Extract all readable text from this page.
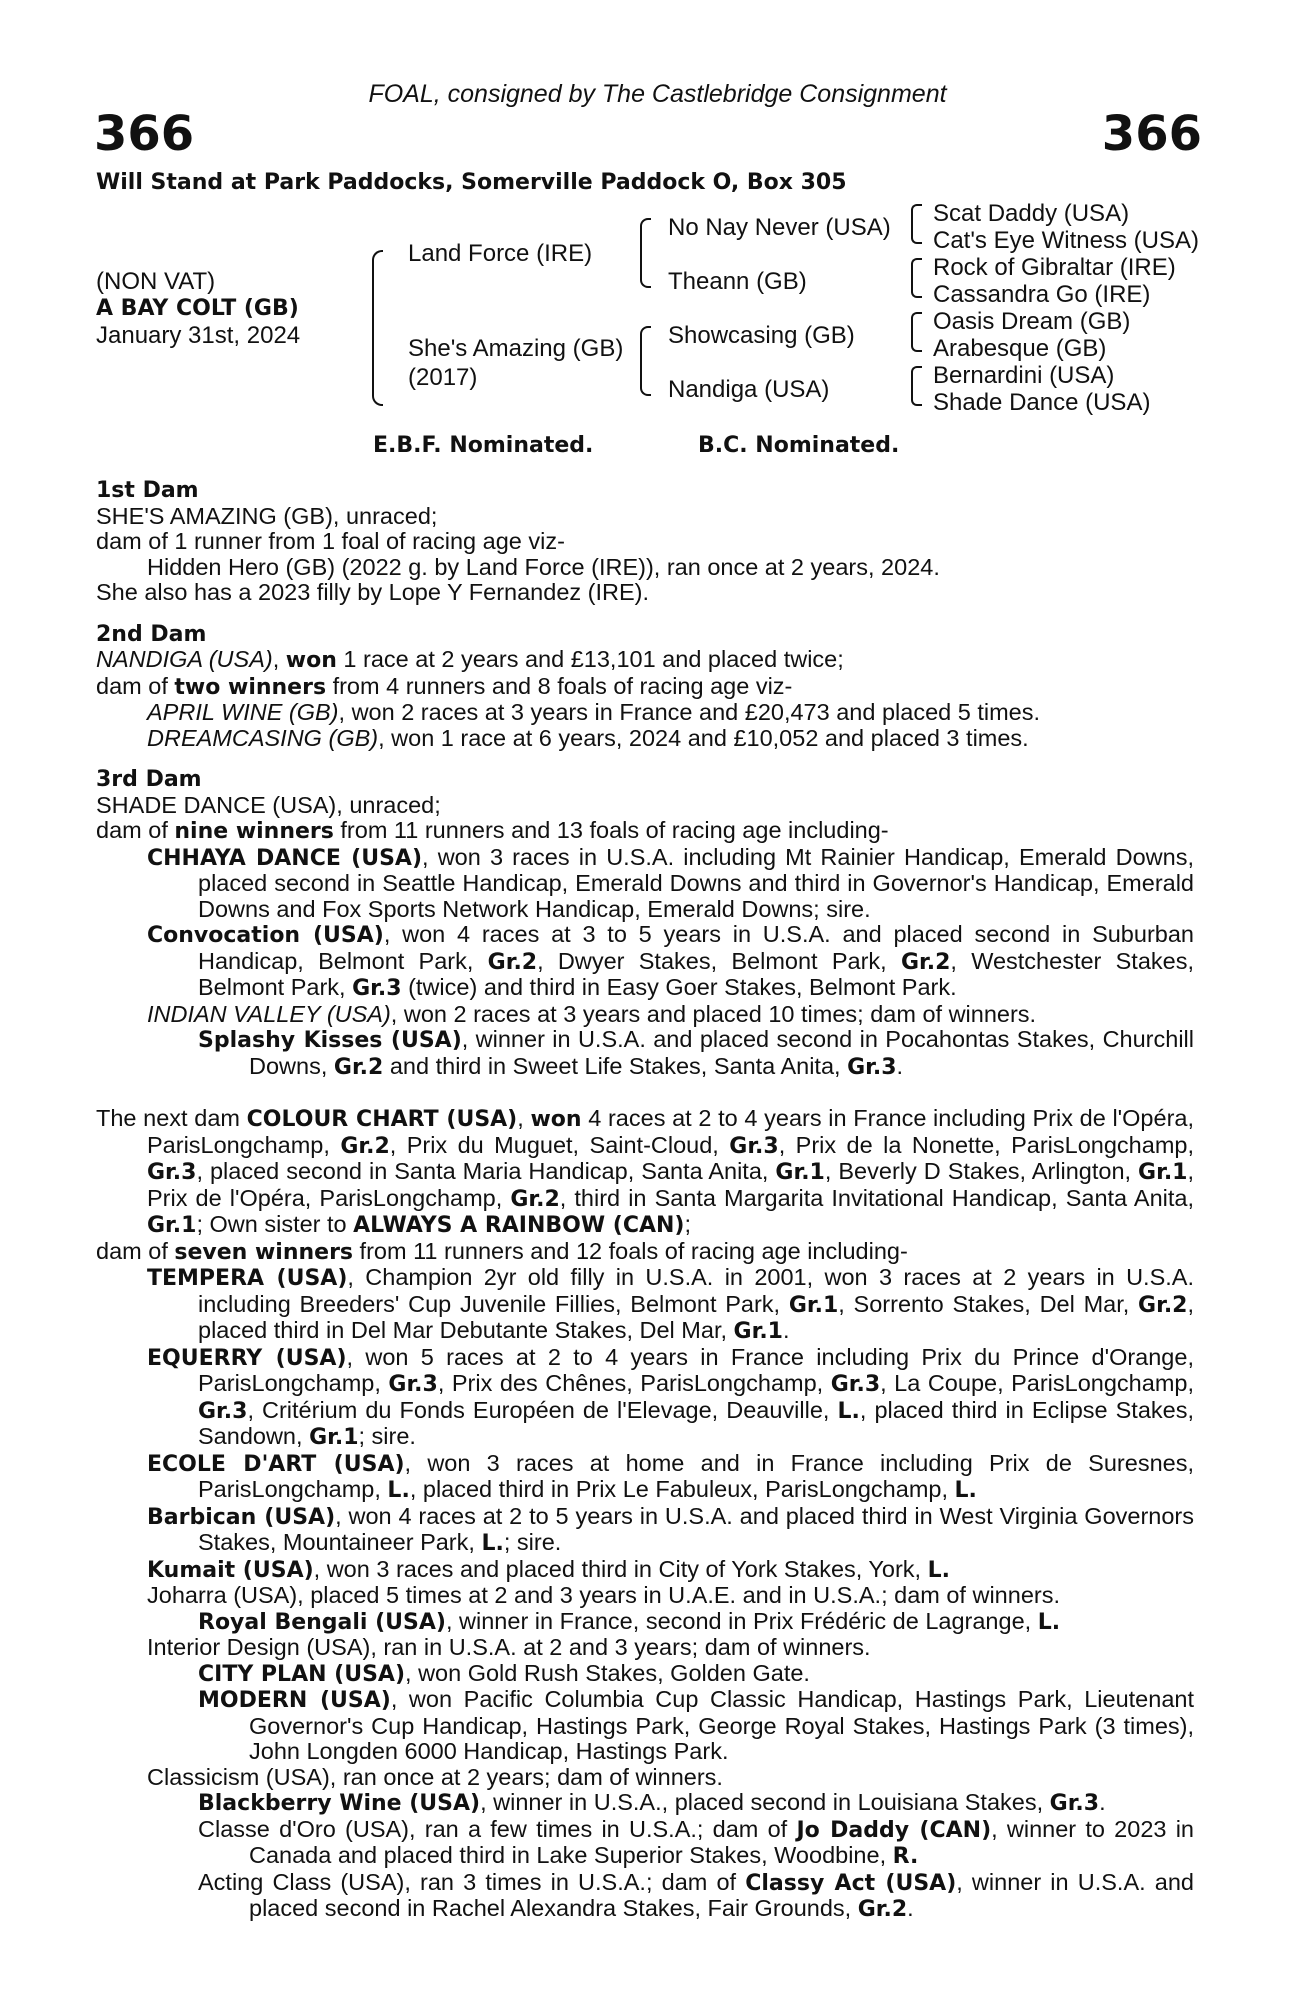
FOAL, consigned by The Castlebridge Consignment
366	366
Will Stand at Park Paddocks, Somerville Paddock O, Box 305
(NON VAT)
A BAY COLT (GB)
January 31st, 2024
Land Force (IRE)
She's Amazing (GB)
(2017)
No Nay Never (USA)
Theann (GB)
Showcasing (GB)
Nandiga (USA)
Scat Daddy (USA)
Cat's Eye Witness (USA)
Rock of Gibraltar (IRE)
Cassandra Go (IRE)
Oasis Dream (GB)
Arabesque (GB)
Bernardini (USA)
Shade Dance (USA)
E.B.F. Nominated.	B.C. Nominated.

1st Dam

SHE'S AMAZING (GB), unraced;

dam of 1 runner from 1 foal of racing age viz-

Hidden Hero (GB) (2022 g. by Land Force (IRE)), ran once at 2 years, 2024.

She also has a 2023 filly by Lope Y Fernandez (IRE).

2nd Dam

NANDIGA (USA), won 1 race at 2 years and £13,101 and placed twice;

dam of two winners from 4 runners and 8 foals of racing age viz-

APRIL WINE (GB), won 2 races at 3 years in France and £20,473 and placed 5 times.

DREAMCASING (GB), won 1 race at 6 years, 2024 and £10,052 and placed 3 times.

3rd Dam

SHADE DANCE (USA), unraced;

dam of nine winners from 11 runners and 13 foals of racing age including-

CHHAYA DANCE (USA), won 3 races in U.S.A. including Mt Rainier Handicap, Emerald Downs, placed second in Seattle Handicap, Emerald Downs and third in Governor's Handicap, Emerald Downs and Fox Sports Network Handicap, Emerald Downs; sire.

Convocation (USA), won 4 races at 3 to 5 years in U.S.A. and placed second in Suburban Handicap, Belmont Park, Gr.2, Dwyer Stakes, Belmont Park, Gr.2, Westchester Stakes, Belmont Park, Gr.3 (twice) and third in Easy Goer Stakes, Belmont Park.

INDIAN VALLEY (USA), won 2 races at 3 years and placed 10 times; dam of winners.

Splashy Kisses (USA), winner in U.S.A. and placed second in Pocahontas Stakes, Churchill Downs, Gr.2 and third in Sweet Life Stakes, Santa Anita, Gr.3.

The next dam COLOUR CHART (USA), won 4 races at 2 to 4 years in France including Prix de l'Opéra, ParisLongchamp, Gr.2, Prix du Muguet, Saint-Cloud, Gr.3, Prix de la Nonette, ParisLongchamp, Gr.3, placed second in Santa Maria Handicap, Santa Anita, Gr.1, Beverly D Stakes, Arlington, Gr.1, Prix de l'Opéra, ParisLongchamp, Gr.2, third in Santa Margarita Invitational Handicap, Santa Anita, Gr.1; Own sister to ALWAYS A RAINBOW (CAN);

dam of seven winners from 11 runners and 12 foals of racing age including-

TEMPERA (USA), Champion 2yr old filly in U.S.A. in 2001, won 3 races at 2 years in U.S.A. including Breeders' Cup Juvenile Fillies, Belmont Park, Gr.1, Sorrento Stakes, Del Mar, Gr.2, placed third in Del Mar Debutante Stakes, Del Mar, Gr.1.

EQUERRY (USA), won 5 races at 2 to 4 years in France including Prix du Prince d'Orange, ParisLongchamp, Gr.3, Prix des Chênes, ParisLongchamp, Gr.3, La Coupe, ParisLongchamp, Gr.3, Critérium du Fonds Européen de l'Elevage, Deauville, L., placed third in Eclipse Stakes, Sandown, Gr.1; sire.

ECOLE D'ART (USA), won 3 races at home and in France including Prix de Suresnes, ParisLongchamp, L., placed third in Prix Le Fabuleux, ParisLongchamp, L.

Barbican (USA), won 4 races at 2 to 5 years in U.S.A. and placed third in West Virginia Governors Stakes, Mountaineer Park, L.; sire.

Kumait (USA), won 3 races and placed third in City of York Stakes, York, L.

Joharra (USA), placed 5 times at 2 and 3 years in U.A.E. and in U.S.A.; dam of winners.

Royal Bengali (USA), winner in France, second in Prix Frédéric de Lagrange, L.

Interior Design (USA), ran in U.S.A. at 2 and 3 years; dam of winners.

CITY PLAN (USA), won Gold Rush Stakes, Golden Gate.

MODERN (USA), won Pacific Columbia Cup Classic Handicap, Hastings Park, Lieutenant Governor's Cup Handicap, Hastings Park, George Royal Stakes, Hastings Park (3 times), John Longden 6000 Handicap, Hastings Park.

Classicism (USA), ran once at 2 years; dam of winners.

Blackberry Wine (USA), winner in U.S.A., placed second in Louisiana Stakes, Gr.3.

Classe d'Oro (USA), ran a few times in U.S.A.; dam of Jo Daddy (CAN), winner to 2023 in Canada and placed third in Lake Superior Stakes, Woodbine, R.

Acting Class (USA), ran 3 times in U.S.A.; dam of Classy Act (USA), winner in U.S.A. and placed second in Rachel Alexandra Stakes, Fair Grounds, Gr.2.
